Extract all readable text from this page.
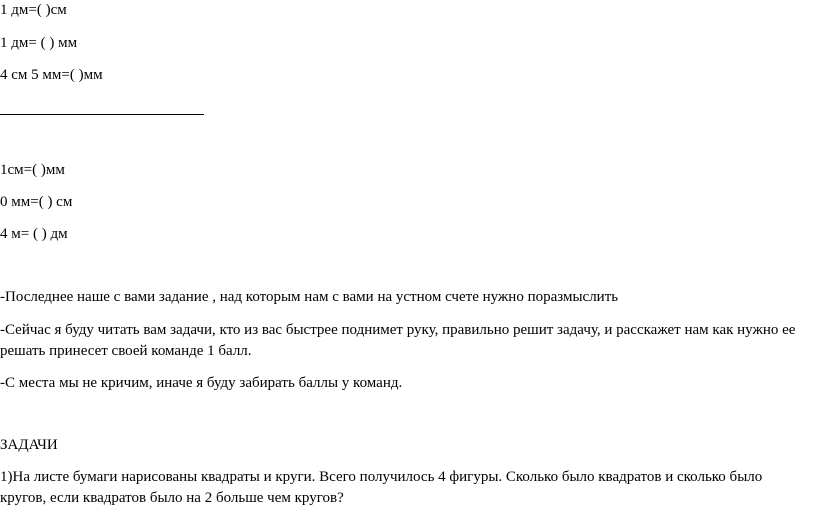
1 дм=( )см
1 дм= ( ) мм
4 см 5 мм=( )мм
1см=( )мм
0 мм=( ) см
4 м= ( ) дм
-Последнее наше с вами задание , над которым нам с вами на устном счете нужно поразмыслить
-Сейчас я буду читать вам задачи, кто из вас быстрее поднимет руку, правильно решит задачу, и расскажет нам как нужно ее решать принесет своей команде 1 балл.
-С места мы не кричим, иначе я буду забирать баллы у команд.
ЗАДАЧИ
1)На листе бумаги нарисованы квадраты и круги. Всего получилось 4 фигуры. Сколько было квадратов и сколько было кругов, если квадратов было на 2 больше чем кругов?
